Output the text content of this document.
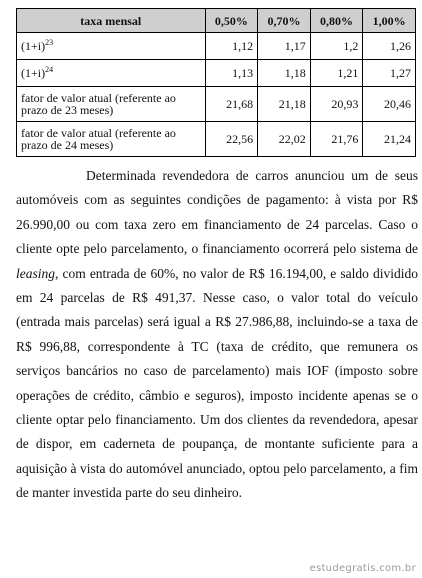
taxa mensal	0,50%	0,70%	0,80%	1,00%
$(1+i)^{23}$	1,12	1,17	1,2	1,26
$(1+i)^{24}$	1,13	1,18	1,21	1,27
fator de valor atual (referente ao prazo de 23 meses)	21,68	21,18	20,93	20,46
fator de valor atual (referente ao prazo de 24 meses)	22,56	22,02	21,76	21,24

Determinada revendedora de carros anunciou um de seus automóveis com as seguintes condições de pagamento: à vista por R$ 26.990,00 ou com taxa zero em financiamento de 24 parcelas. Caso o cliente opte pelo parcelamento, o financiamento ocorrerá pelo sistema de leasing, com entrada de 60%, no valor de R$ 16.194,00, e saldo dividido em 24 parcelas de R$ 491,37. Nesse caso, o valor total do veículo (entrada mais parcelas) será igual a R$ 27.986,88, incluindo-se a taxa de R$ 996,88, correspondente à TC (taxa de crédito, que remunera os serviços bancários no caso de parcelamento) mais IOF (imposto sobre operações de crédito, câmbio e seguros), imposto incidente apenas se o cliente optar pelo financiamento. Um dos clientes da revendedora, apesar de dispor, em caderneta de poupança, de montante suficiente para a aquisição à vista do automóvel anunciado, optou pelo parcelamento, a fim de manter investida parte do seu dinheiro.

estudegratis.com.br
